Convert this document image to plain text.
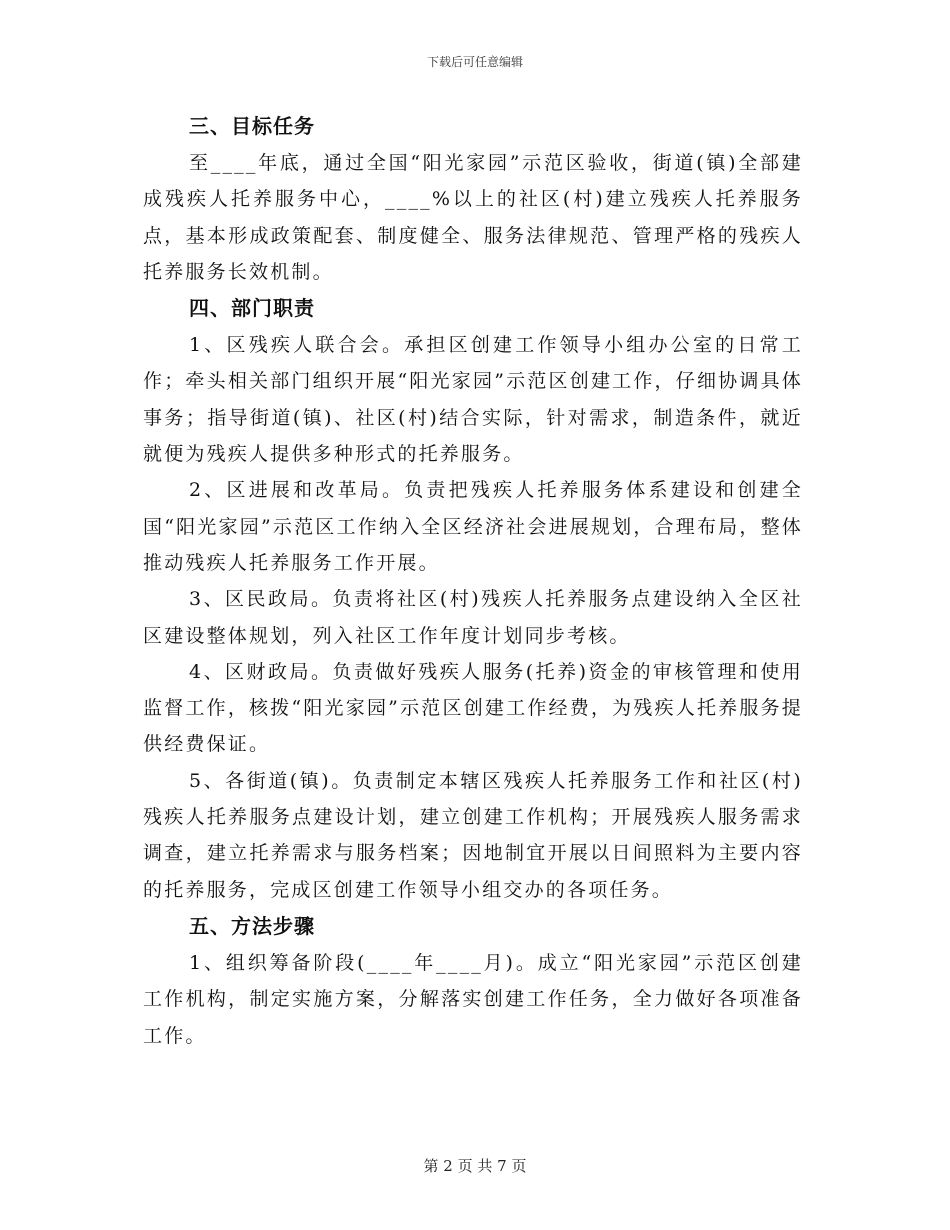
下载后可任意编辑
三、目标任务

至____年底，通过全国“阳光家园”示范区验收，街道(镇)全部建成残疾人托养服务中心，____%以上的社区(村)建立残疾人托养服务点，基本形成政策配套、制度健全、服务法律规范、管理严格的残疾人托养服务长效机制。

四、部门职责

1、区残疾人联合会。承担区创建工作领导小组办公室的日常工作；牵头相关部门组织开展“阳光家园”示范区创建工作，仔细协调具体事务；指导街道(镇)、社区(村)结合实际，针对需求，制造条件，就近就便为残疾人提供多种形式的托养服务。

2、区进展和改革局。负责把残疾人托养服务体系建设和创建全国“阳光家园”示范区工作纳入全区经济社会进展规划，合理布局，整体推动残疾人托养服务工作开展。

3、区民政局。负责将社区(村)残疾人托养服务点建设纳入全区社区建设整体规划，列入社区工作年度计划同步考核。

4、区财政局。负责做好残疾人服务(托养)资金的审核管理和使用监督工作，核拨“阳光家园”示范区创建工作经费，为残疾人托养服务提供经费保证。

5、各街道(镇)。负责制定本辖区残疾人托养服务工作和社区(村)残疾人托养服务点建设计划，建立创建工作机构；开展残疾人服务需求调查，建立托养需求与服务档案；因地制宜开展以日间照料为主要内容的托养服务，完成区创建工作领导小组交办的各项任务。

五、方法步骤

1、组织筹备阶段(____年____月)。成立“阳光家园”示范区创建工作机构，制定实施方案，分解落实创建工作任务，全力做好各项准备工作。

第 2 页 共 7 页
